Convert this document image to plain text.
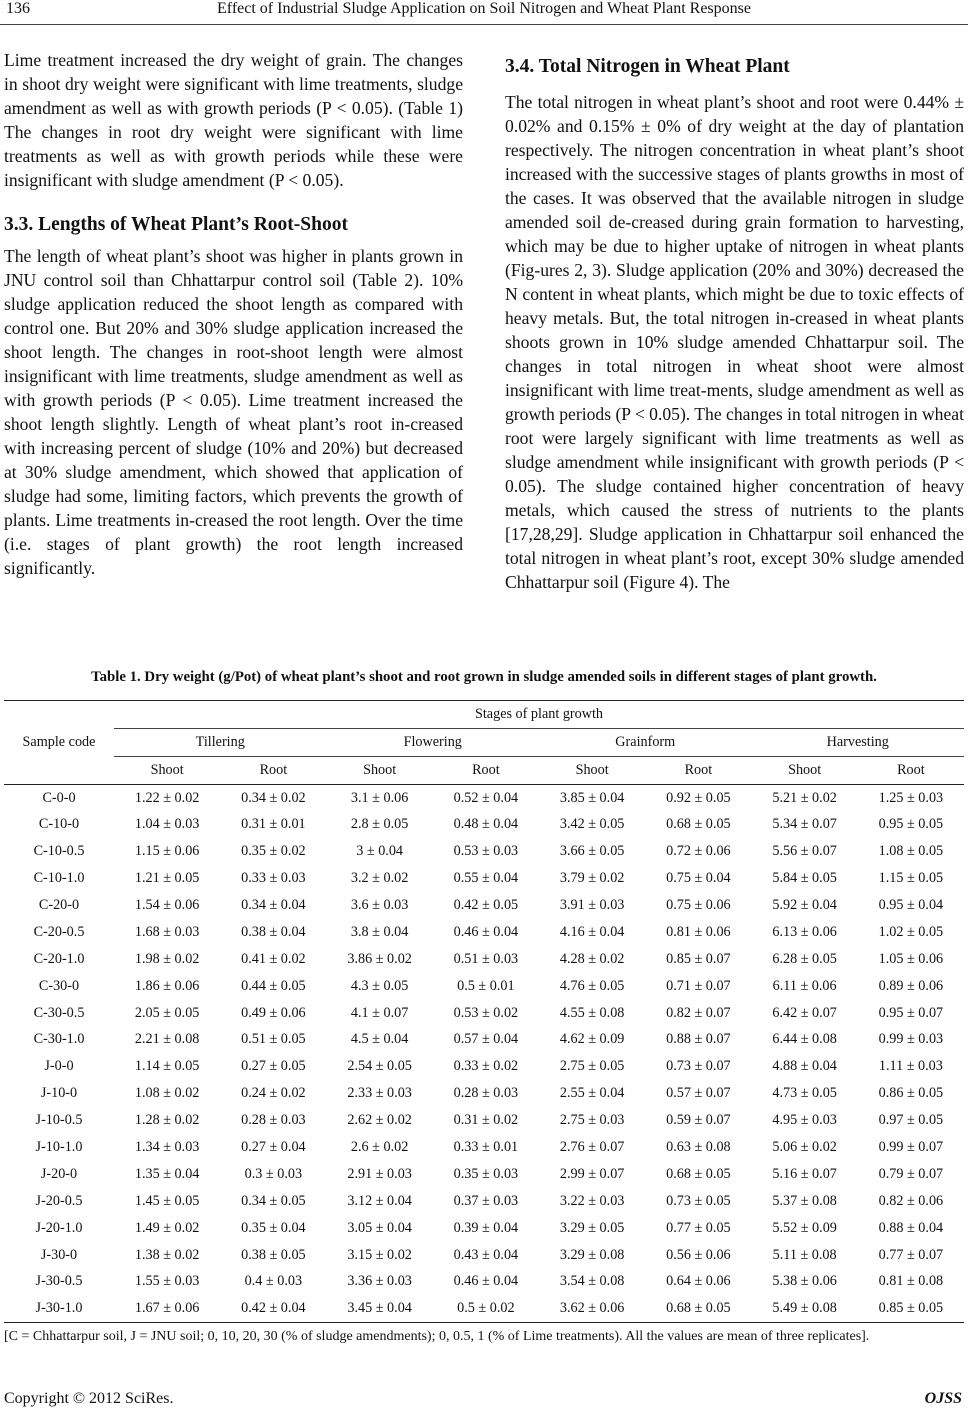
136	Effect of Industrial Sludge Application on Soil Nitrogen and Wheat Plant Response

Lime treatment increased the dry weight of grain. The changes in shoot dry weight were significant with lime treatments, sludge amendment as well as with growth periods (P < 0.05). (Table 1) The changes in root dry weight were significant with lime treatments as well as with growth periods while these were insignificant with sludge amendment (P < 0.05).

3.3. Lengths of Wheat Plant’s Root-Shoot

The length of wheat plant’s shoot was higher in plants grown in JNU control soil than Chhattarpur control soil (Table 2). 10% sludge application reduced the shoot length as compared with control one. But 20% and 30% sludge application increased the shoot length. The changes in root-shoot length were almost insignificant with lime treatments, sludge amendment as well as with growth periods (P < 0.05). Lime treatment increased the shoot length slightly. Length of wheat plant’s root in-creased with increasing percent of sludge (10% and 20%) but decreased at 30% sludge amendment, which showed that application of sludge had some, limiting factors, which prevents the growth of plants. Lime treatments in-creased the root length. Over the time (i.e. stages of plant growth) the root length increased significantly.

3.4. Total Nitrogen in Wheat Plant

The total nitrogen in wheat plant’s shoot and root were 0.44% ± 0.02% and 0.15% ± 0% of dry weight at the day of plantation respectively. The nitrogen concentration in wheat plant’s shoot increased with the successive stages of plants growths in most of the cases. It was observed that the available nitrogen in sludge amended soil de-creased during grain formation to harvesting, which may be due to higher uptake of nitrogen in wheat plants (Fig-ures 2, 3). Sludge application (20% and 30%) decreased the N content in wheat plants, which might be due to toxic effects of heavy metals. But, the total nitrogen in-creased in wheat plants shoots grown in 10% sludge amended Chhattarpur soil. The changes in total nitrogen in wheat shoot were almost insignificant with lime treat-ments, sludge amendment as well as growth periods (P < 0.05). The changes in total nitrogen in wheat root were largely significant with lime treatments as well as sludge amendment while insignificant with growth periods (P < 0.05). The sludge contained higher concentration of heavy metals, which caused the stress of nutrients to the plants [17,28,29]. Sludge application in Chhattarpur soil enhanced the total nitrogen in wheat plant’s root, except 30% sludge amended Chhattarpur soil (Figure 4). The

Table 1. Dry weight (g/Pot) of wheat plant’s shoot and root grown in sludge amended soils in different stages of plant growth.
Sample code	Stages of plant growth							
	Tillering		Flowering		Grainform		Harvesting	
	Shoot	Root	Shoot	Root	Shoot	Root	Shoot	Root
C-0-0	1.22 ± 0.02	0.34 ± 0.02	3.1 ± 0.06	0.52 ± 0.04	3.85 ± 0.04	0.92 ± 0.05	5.21 ± 0.02	1.25 ± 0.03
C-10-0	1.04 ± 0.03	0.31 ± 0.01	2.8 ± 0.05	0.48 ± 0.04	3.42 ± 0.05	0.68 ± 0.05	5.34 ± 0.07	0.95 ± 0.05
C-10-0.5	1.15 ± 0.06	0.35 ± 0.02	3 ± 0.04	0.53 ± 0.03	3.66 ± 0.05	0.72 ± 0.06	5.56 ± 0.07	1.08 ± 0.05
C-10-1.0	1.21 ± 0.05	0.33 ± 0.03	3.2 ± 0.02	0.55 ± 0.04	3.79 ± 0.02	0.75 ± 0.04	5.84 ± 0.05	1.15 ± 0.05
C-20-0	1.54 ± 0.06	0.34 ± 0.04	3.6 ± 0.03	0.42 ± 0.05	3.91 ± 0.03	0.75 ± 0.06	5.92 ± 0.04	0.95 ± 0.04
C-20-0.5	1.68 ± 0.03	0.38 ± 0.04	3.8 ± 0.04	0.46 ± 0.04	4.16 ± 0.04	0.81 ± 0.06	6.13 ± 0.06	1.02 ± 0.05
C-20-1.0	1.98 ± 0.02	0.41 ± 0.02	3.86 ± 0.02	0.51 ± 0.03	4.28 ± 0.02	0.85 ± 0.07	6.28 ± 0.05	1.05 ± 0.06
C-30-0	1.86 ± 0.06	0.44 ± 0.05	4.3 ± 0.05	0.5 ± 0.01	4.76 ± 0.05	0.71 ± 0.07	6.11 ± 0.06	0.89 ± 0.06
C-30-0.5	2.05 ± 0.05	0.49 ± 0.06	4.1 ± 0.07	0.53 ± 0.02	4.55 ± 0.08	0.82 ± 0.07	6.42 ± 0.07	0.95 ± 0.07
C-30-1.0	2.21 ± 0.08	0.51 ± 0.05	4.5 ± 0.04	0.57 ± 0.04	4.62 ± 0.09	0.88 ± 0.07	6.44 ± 0.08	0.99 ± 0.03
J-0-0	1.14 ± 0.05	0.27 ± 0.05	2.54 ± 0.05	0.33 ± 0.02	2.75 ± 0.05	0.73 ± 0.07	4.88 ± 0.04	1.11 ± 0.03
J-10-0	1.08 ± 0.02	0.24 ± 0.02	2.33 ± 0.03	0.28 ± 0.03	2.55 ± 0.04	0.57 ± 0.07	4.73 ± 0.05	0.86 ± 0.05
J-10-0.5	1.28 ± 0.02	0.28 ± 0.03	2.62 ± 0.02	0.31 ± 0.02	2.75 ± 0.03	0.59 ± 0.07	4.95 ± 0.03	0.97 ± 0.05
J-10-1.0	1.34 ± 0.03	0.27 ± 0.04	2.6 ± 0.02	0.33 ± 0.01	2.76 ± 0.07	0.63 ± 0.08	5.06 ± 0.02	0.99 ± 0.07
J-20-0	1.35 ± 0.04	0.3 ± 0.03	2.91 ± 0.03	0.35 ± 0.03	2.99 ± 0.07	0.68 ± 0.05	5.16 ± 0.07	0.79 ± 0.07
J-20-0.5	1.45 ± 0.05	0.34 ± 0.05	3.12 ± 0.04	0.37 ± 0.03	3.22 ± 0.03	0.73 ± 0.05	5.37 ± 0.08	0.82 ± 0.06
J-20-1.0	1.49 ± 0.02	0.35 ± 0.04	3.05 ± 0.04	0.39 ± 0.04	3.29 ± 0.05	0.77 ± 0.05	5.52 ± 0.09	0.88 ± 0.04
J-30-0	1.38 ± 0.02	0.38 ± 0.05	3.15 ± 0.02	0.43 ± 0.04	3.29 ± 0.08	0.56 ± 0.06	5.11 ± 0.08	0.77 ± 0.07
J-30-0.5	1.55 ± 0.03	0.4 ± 0.03	3.36 ± 0.03	0.46 ± 0.04	3.54 ± 0.08	0.64 ± 0.06	5.38 ± 0.06	0.81 ± 0.08
J-30-1.0	1.67 ± 0.06	0.42 ± 0.04	3.45 ± 0.04	0.5 ± 0.02	3.62 ± 0.06	0.68 ± 0.05	5.49 ± 0.08	0.85 ± 0.05
[C = Chhattarpur soil, J = JNU soil; 0, 10, 20, 30 (% of sludge amendments); 0, 0.5, 1 (% of Lime treatments). All the values are mean of three replicates].
Copyright © 2012 SciRes.	OJSS
